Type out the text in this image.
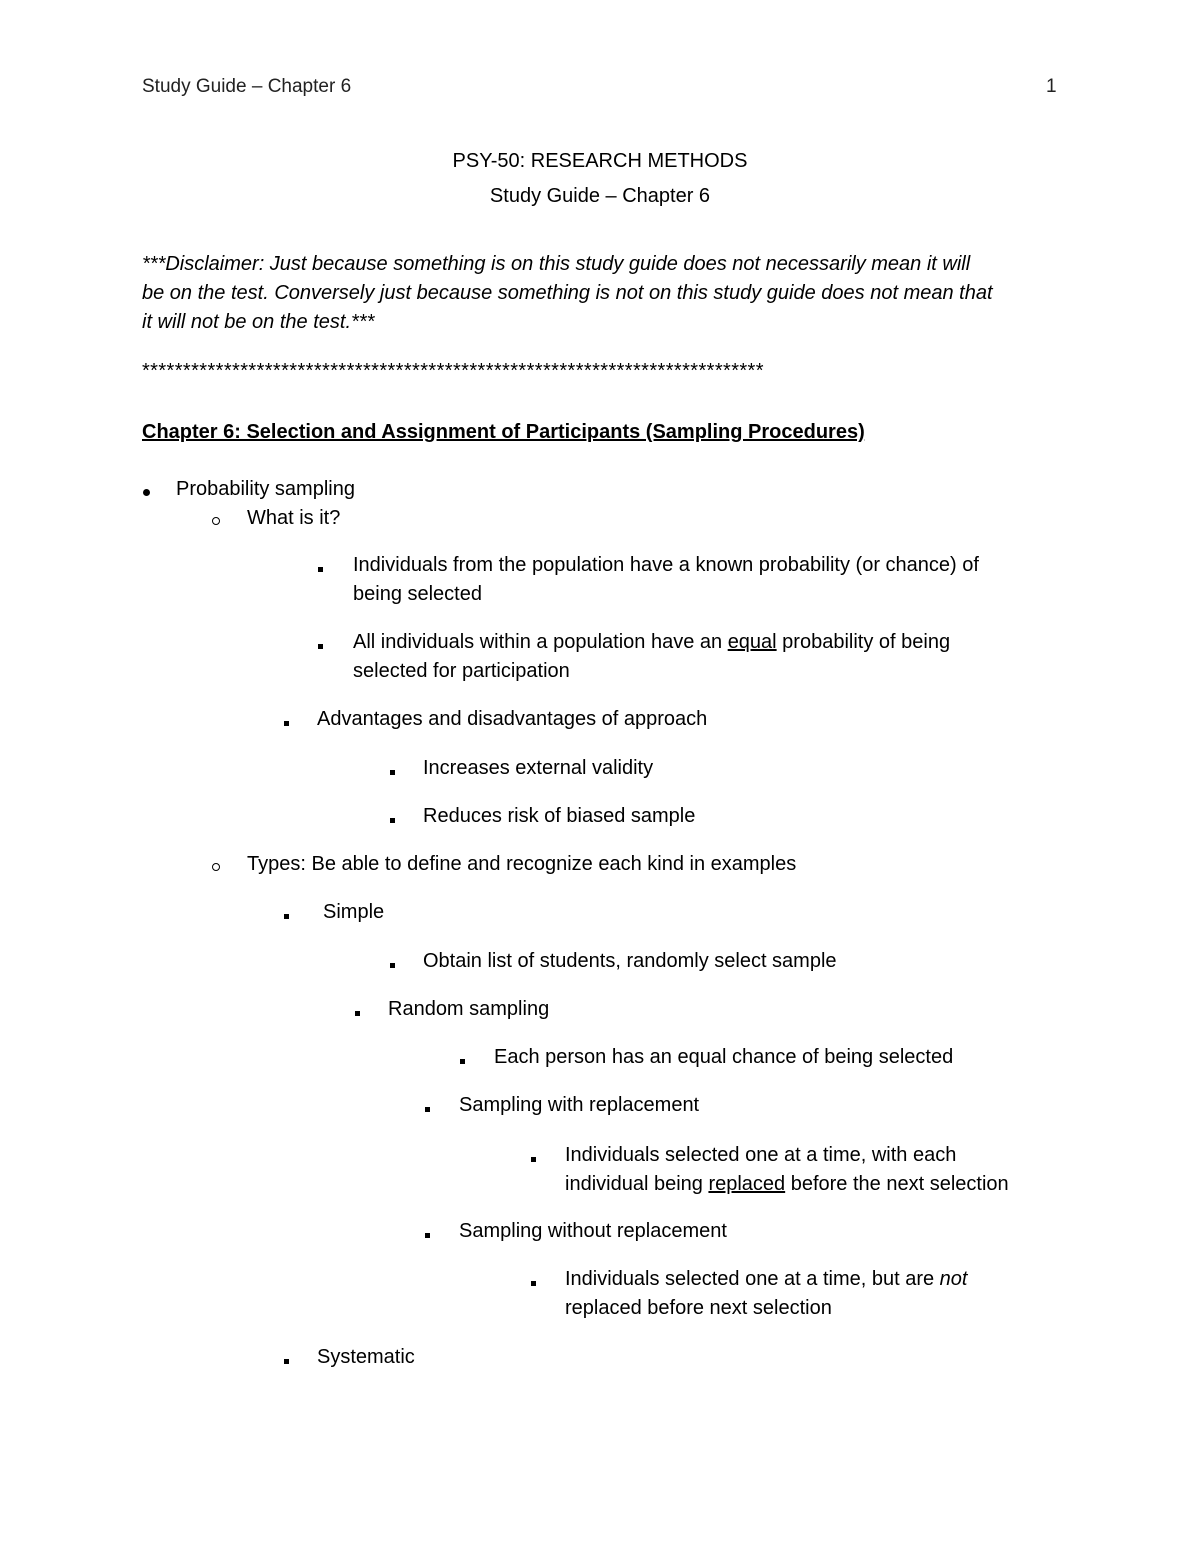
Study Guide – Chapter 6	1
PSY-50: RESEARCH METHODS
Study Guide – Chapter 6
***Disclaimer: Just because something is on this study guide does not necessarily mean it will
be on the test. Conversely just because something is not on this study guide does not mean that
it will not be on the test.***
****************************************************************************
Chapter 6: Selection and Assignment of Participants (Sampling Procedures)
Probability sampling
What is it?
Individuals from the population have a known probability (or chance) of
being selected
All individuals within a population have an equal probability of being
selected for participation
Advantages and disadvantages of approach
Increases external validity
Reduces risk of biased sample
Types: Be able to define and recognize each kind in examples
Simple
Obtain list of students, randomly select sample
Random sampling
Each person has an equal chance of being selected
Sampling with replacement
Individuals selected one at a time, with each
individual being replaced before the next selection
Sampling without replacement
Individuals selected one at a time, but are not
replaced before next selection
Systematic
